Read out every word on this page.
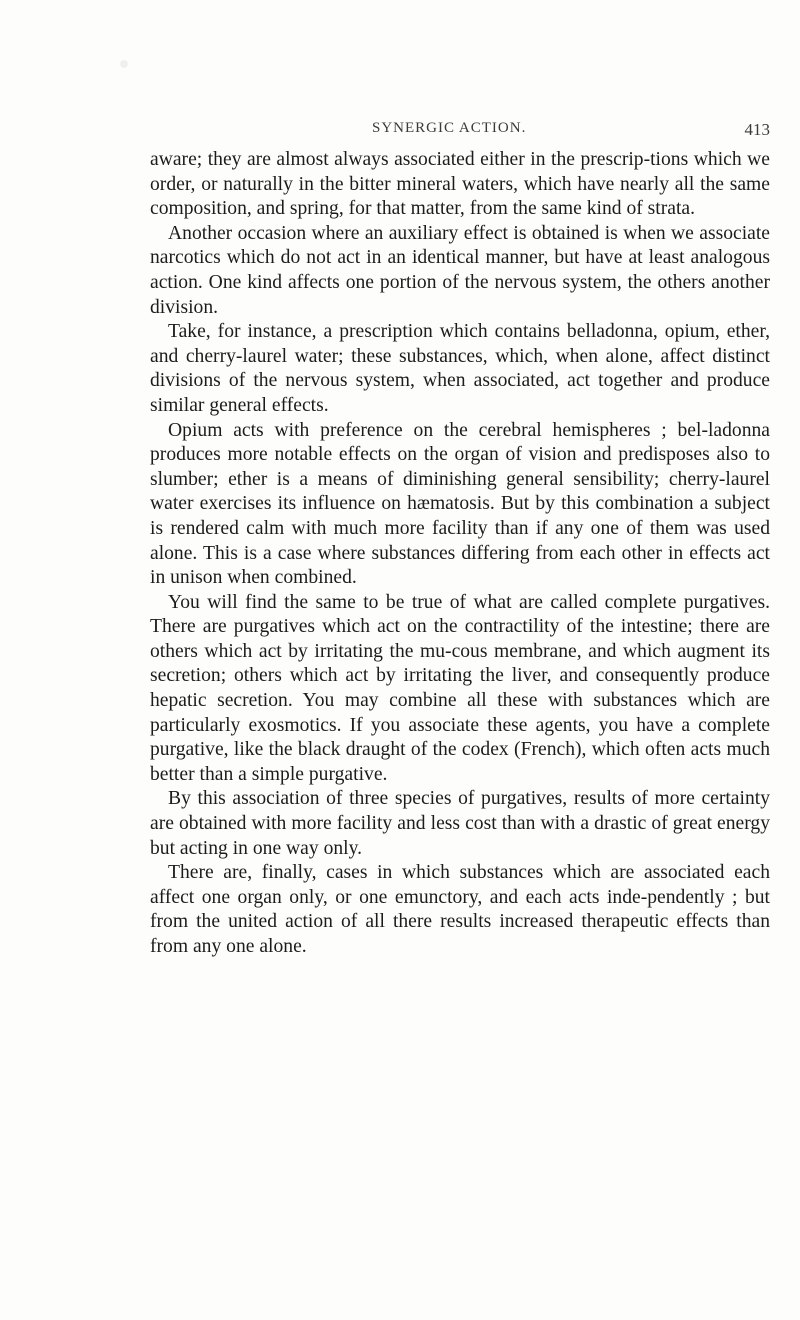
SYNERGIC ACTION.	413

aware; they are almost always associated either in the prescrip-tions which we order, or naturally in the bitter mineral waters, which have nearly all the same composition, and spring, for that matter, from the same kind of strata.

Another occasion where an auxiliary effect is obtained is when we associate narcotics which do not act in an identical manner, but have at least analogous action. One kind affects one portion of the nervous system, the others another division.

Take, for instance, a prescription which contains belladonna, opium, ether, and cherry-laurel water; these substances, which, when alone, affect distinct divisions of the nervous system, when associated, act together and produce similar general effects.

Opium acts with preference on the cerebral hemispheres ; bel-ladonna produces more notable effects on the organ of vision and predisposes also to slumber; ether is a means of diminishing general sensibility; cherry-laurel water exercises its influence on hæmatosis. But by this combination a subject is rendered calm with much more facility than if any one of them was used alone. This is a case where substances differing from each other in effects act in unison when combined.

You will find the same to be true of what are called complete purgatives. There are purgatives which act on the contractility of the intestine; there are others which act by irritating the mu-cous membrane, and which augment its secretion; others which act by irritating the liver, and consequently produce hepatic secretion. You may combine all these with substances which are particularly exosmotics. If you associate these agents, you have a complete purgative, like the black draught of the codex (French), which often acts much better than a simple purgative.

By this association of three species of purgatives, results of more certainty are obtained with more facility and less cost than with a drastic of great energy but acting in one way only.

There are, finally, cases in which substances which are associated each affect one organ only, or one emunctory, and each acts inde-pendently ; but from the united action of all there results increased therapeutic effects than from any one alone.
